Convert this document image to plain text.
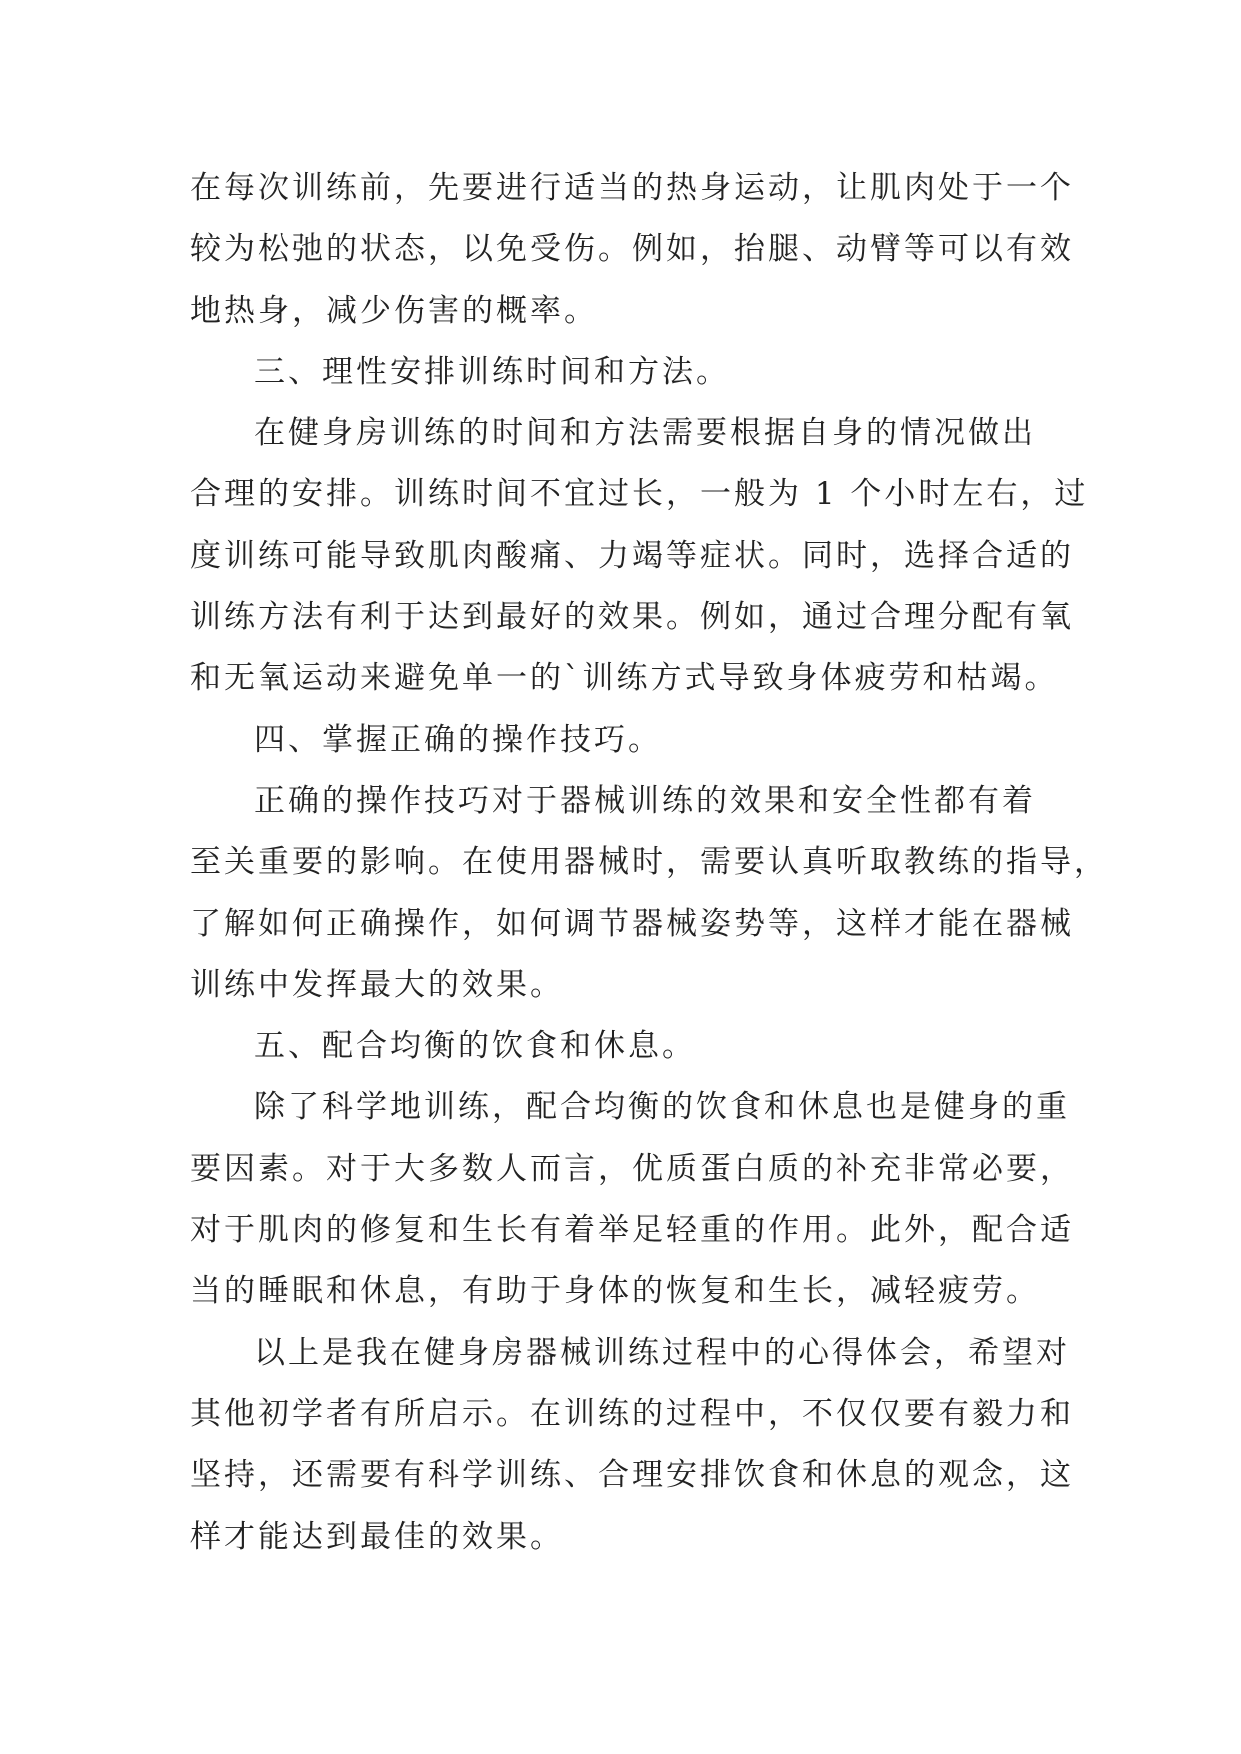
在每次训练前，先要进行适当的热身运动，让肌肉处于一个
较为松弛的状态，以免受伤。例如，抬腿、动臂等可以有效
地热身，减少伤害的概率。
三、理性安排训练时间和方法。
在健身房训练的时间和方法需要根据自身的情况做出
合理的安排。训练时间不宜过长，一般为 1 个小时左右，过
度训练可能导致肌肉酸痛、力竭等症状。同时，选择合适的
训练方法有利于达到最好的效果。例如，通过合理分配有氧
和无氧运动来避免单一的`训练方式导致身体疲劳和枯竭。
四、掌握正确的操作技巧。
正确的操作技巧对于器械训练的效果和安全性都有着
至关重要的影响。在使用器械时，需要认真听取教练的指导，
了解如何正确操作，如何调节器械姿势等，这样才能在器械
训练中发挥最大的效果。
五、配合均衡的饮食和休息。
除了科学地训练，配合均衡的饮食和休息也是健身的重
要因素。对于大多数人而言，优质蛋白质的补充非常必要，
对于肌肉的修复和生长有着举足轻重的作用。此外，配合适
当的睡眠和休息，有助于身体的恢复和生长，减轻疲劳。
以上是我在健身房器械训练过程中的心得体会，希望对
其他初学者有所启示。在训练的过程中，不仅仅要有毅力和
坚持，还需要有科学训练、合理安排饮食和休息的观念，这
样才能达到最佳的效果。
